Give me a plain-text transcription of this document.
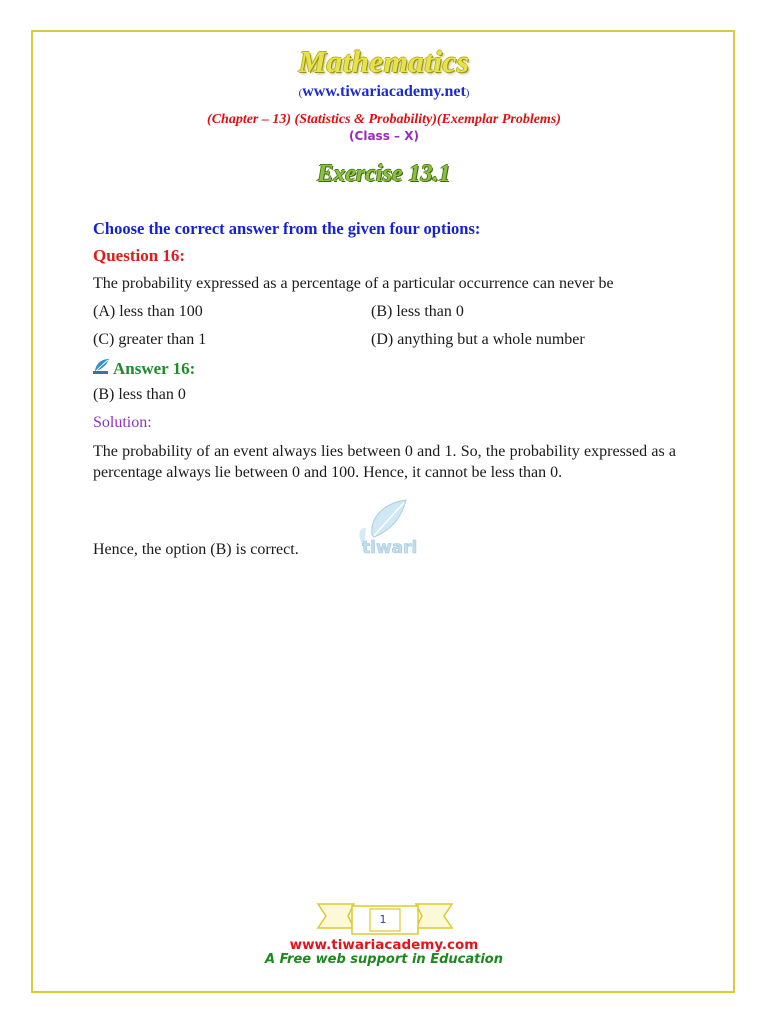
Mathematics
(www.tiwariacademy.net)
(Chapter – 13) (Statistics & Probability)(Exemplar Problems)
(Class – X)
Exercise 13.1
Choose the correct answer from the given four options:
Question 16:
The probability expressed as a percentage of a particular occurrence can never be
(A) less than 100	(B) less than 0
(C) greater than 1	(D) anything but a whole number
Answer 16:
(B) less than 0
Solution:
The probability of an event always lies between 0 and 1. So, the probability expressed as a percentage always lie between 0 and 100. Hence, it cannot be less than 0.
Hence, the option (B) is correct.	tiwari
1
www.tiwariacademy.com
A Free web support in Education
